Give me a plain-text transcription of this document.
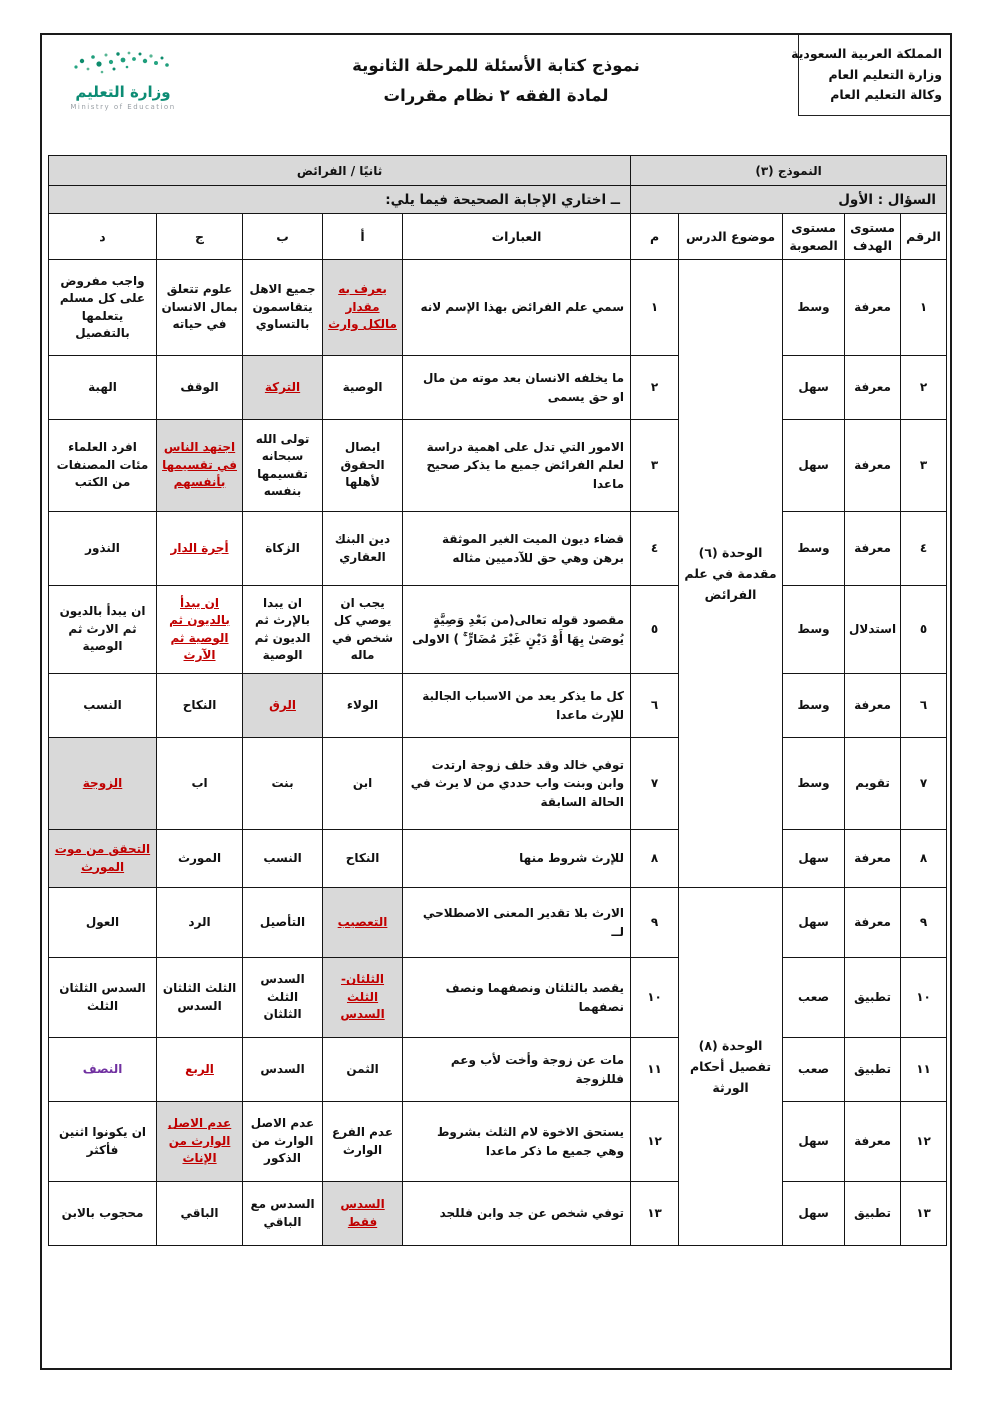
وزارة التعليم
Ministry of Education
نموذج كتابة الأسئلة للمرحلة الثانوية
لمادة الفقه ٢ نظام مقررات
المملكة العربية السعودية
وزارة التعليم العام
وكالة التعليم العام
النموذج (٣)					ثانيًا / الفرائض				
السؤال : الأول					ــ اختاري الإجابة الصحيحة فيما يلي:				
الرقم	مستوى الهدف	مستوى الصعوبة	موضوع الدرس	م	العبارات	أ	ب	ج	د
١	معرفة	وسط	الوحدة (٦) مقدمة في علم الفرائض	١	سمي علم الفرائض بهذا الإسم لانه	يعرف به مقدار مالكل وارث	جميع الاهل يتقاسمون بالتساوي	علوم تتعلق بمال الانسان في حياته	واجب مفروض على كل مسلم يتعلمها بالتفصيل
٢	معرفة	سهل		٢	ما يخلفه الانسان بعد موته من مال او حق يسمى	الوصية	التركة	الوقف	الهبة
٣	معرفة	سهل		٣	الامور التي تدل على اهمية دراسة لعلم الفرائض جميع ما يذكر صحيح ماعدا	ايصال الحقوق لأهلها	تولى الله سبحانه تقسيمها بنفسه	اجتهد الناس في تقسيمها بأنفسهم	افرد العلماء مئات المصنفات من الكتب
٤	معرفة	وسط		٤	قضاء ديون الميت الغير الموثقة برهن وهي حق للآدميين مثاله	دين البنك العقاري	الزكاة	أجرة الدار	النذور
٥	استدلال	وسط		٥	مقصود قوله تعالى(من بَعْدِ وَصِيَّةٍ يُوصَىٰ بِهَا أَوْ دَيْنٍ غَيْرَ مُضَارٍّ ۚ ) الاولى	يجب ان يوصي كل شخص في ماله	ان يبدا بالإرث ثم الديون ثم الوصية	ان يبدأ بالديون ثم الوصية ثم الآرث	ان يبدأ بالديون ثم الارث ثم الوصية
٦	معرفة	وسط		٦	كل ما يذكر يعد من الاسباب الجالبة للإرث ماعدا	الولاء	الرق	النكاح	النسب
٧	تقويم	وسط		٧	توفي خالد وقد خلف زوجة ارتدت وابن وبنت واب حددي من لا يرث في الحالة السابقة	ابن	بنت	اب	الزوجة
٨	معرفة	سهل		٨	للإرث شروط منها	النكاح	النسب	المورث	التحقق من موت المورث
٩	معرفة	سهل	الوحدة (٨) تفصيل أحكام الورثة	٩	الارث بلا تقدير المعنى الاصطلاحي لــ	التعصيب	التأصيل	الرد	العول
١٠	تطبيق	صعب		١٠	يقصد بالثلثان ونصفهما ونصف نصفهما	الثلثان- الثلث السدس	السدس الثلث الثلثان	الثلث الثلثان السدس	السدس الثلثان الثلث
١١	تطبيق	صعب		١١	مات عن زوجة وأخت لأب وعم فللزوجة	الثمن	السدس	الربع	النصف
١٢	معرفة	سهل		١٢	يستحق الاخوة لام الثلث بشروط وهي جميع ما ذكر ماعدا	عدم الفرع الوارث	عدم الاصل الوارث من الذكور	عدم الاصل الوارث من الإناث	ان يكونوا اثنين فأكثر
١٣	تطبيق	سهل		١٣	توفي شخص عن جد وابن فللجد	السدس فقط	السدس مع الباقي	الباقي	محجوب بالابن
